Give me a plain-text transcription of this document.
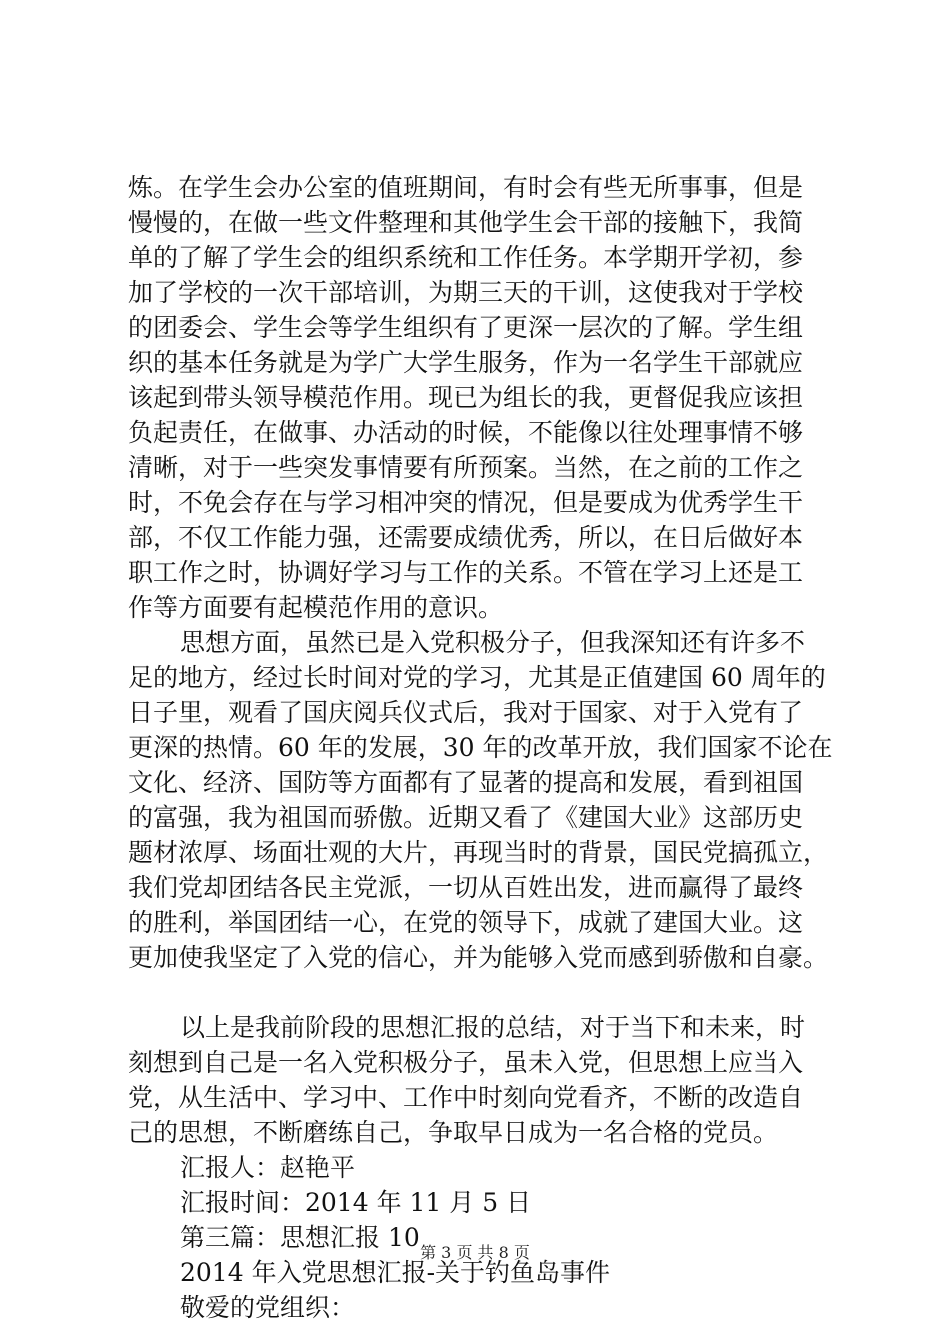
炼。在学生会办公室的值班期间，有时会有些无所事事，但是
慢慢的，在做一些文件整理和其他学生会干部的接触下，我简
单的了解了学生会的组织系统和工作任务。本学期开学初，参
加了学校的一次干部培训，为期三天的干训，这使我对于学校
的团委会、学生会等学生组织有了更深一层次的了解。学生组
织的基本任务就是为学广大学生服务，作为一名学生干部就应
该起到带头领导模范作用。现已为组长的我，更督促我应该担
负起责任，在做事、办活动的时候，不能像以往处理事情不够
清晰，对于一些突发事情要有所预案。当然，在之前的工作之
时，不免会存在与学习相冲突的情况，但是要成为优秀学生干
部，不仅工作能力强，还需要成绩优秀，所以，在日后做好本
职工作之时，协调好学习与工作的关系。不管在学习上还是工
作等方面要有起模范作用的意识。
思想方面，虽然已是入党积极分子，但我深知还有许多不
足的地方，经过长时间对党的学习，尤其是正值建国 60 周年的
日子里，观看了国庆阅兵仪式后，我对于国家、对于入党有了
更深的热情。60 年的发展，30 年的改革开放，我们国家不论在
文化、经济、国防等方面都有了显著的提高和发展，看到祖国
的富强，我为祖国而骄傲。近期又看了《建国大业》这部历史
题材浓厚、场面壮观的大片，再现当时的背景，国民党搞孤立，
我们党却团结各民主党派，一切从百姓出发，进而赢得了最终
的胜利，举国团结一心，在党的领导下，成就了建国大业。这
更加使我坚定了入党的信心，并为能够入党而感到骄傲和自豪。
以上是我前阶段的思想汇报的总结，对于当下和未来，时
刻想到自己是一名入党积极分子，虽未入党，但思想上应当入
党，从生活中、学习中、工作中时刻向党看齐，不断的改造自
己的思想，不断磨练自己，争取早日成为一名合格的党员。
汇报人：赵艳平
汇报时间：2014 年 11 月 5 日
第三篇：思想汇报 10
2014 年入党思想汇报-关于钓鱼岛事件
敬爱的党组织：
第 3 页 共 8 页
